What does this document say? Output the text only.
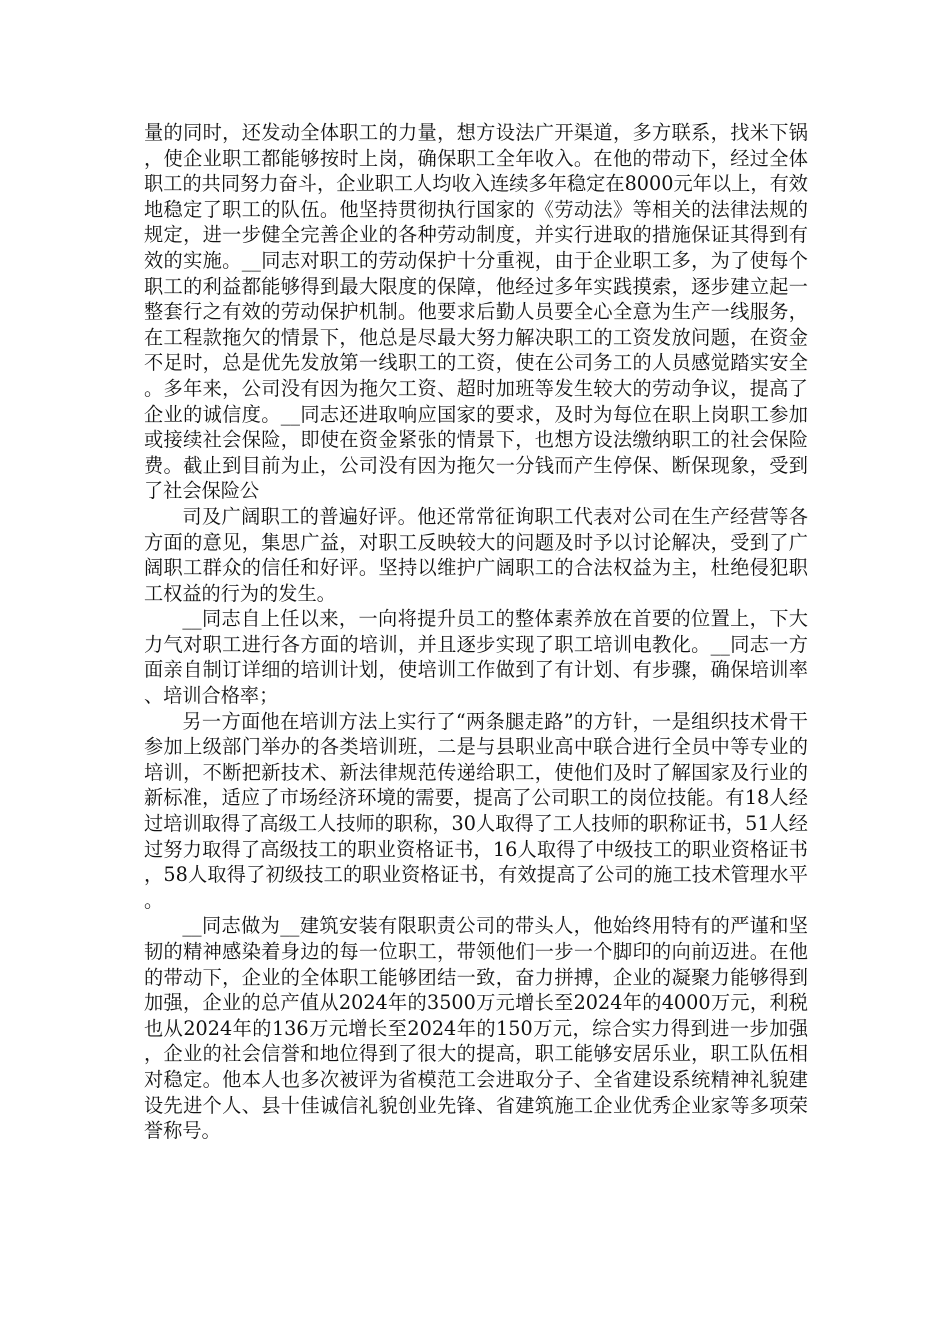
量的同时，还发动全体职工的力量，想方设法广开渠道，多方联系，找米下锅，使企业职工都能够按时上岗，确保职工全年收入。在他的带动下，经过全体职工的共同努力奋斗，企业职工人均收入连续多年稳定在8000元年以上，有效地稳定了职工的队伍。他坚持贯彻执行国家的《劳动法》等相关的法律法规的规定，进一步健全完善企业的各种劳动制度，并实行进取的措施保证其得到有效的实施。__同志对职工的劳动保护十分重视，由于企业职工多，为了使每个职工的利益都能够得到最大限度的保障，他经过多年实践摸索，逐步建立起一整套行之有效的劳动保护机制。他要求后勤人员要全心全意为生产一线服务，在工程款拖欠的情景下，他总是尽最大努力解决职工的工资发放问题，在资金不足时，总是优先发放第一线职工的工资，使在公司务工的人员感觉踏实安全。多年来，公司没有因为拖欠工资、超时加班等发生较大的劳动争议，提高了企业的诚信度。__同志还进取响应国家的要求，及时为每位在职上岗职工参加或接续社会保险，即使在资金紧张的情景下，也想方设法缴纳职工的社会保险费。截止到目前为止，公司没有因为拖欠一分钱而产生停保、断保现象，受到了社会保险公

司及广阔职工的普遍好评。他还常常征询职工代表对公司在生产经营等各方面的意见，集思广益，对职工反映较大的问题及时予以讨论解决，受到了广阔职工群众的信任和好评。坚持以维护广阔职工的合法权益为主，杜绝侵犯职工权益的行为的发生。

__同志自上任以来，一向将提升员工的整体素养放在首要的位置上，下大力气对职工进行各方面的培训，并且逐步实现了职工培训电教化。__同志一方面亲自制订详细的培训计划，使培训工作做到了有计划、有步骤，确保培训率、培训合格率；

另一方面他在培训方法上实行了“两条腿走路”的方针，一是组织技术骨干参加上级部门举办的各类培训班，二是与县职业高中联合进行全员中等专业的培训，不断把新技术、新法律规范传递给职工，使他们及时了解国家及行业的新标准，适应了市场经济环境的需要，提高了公司职工的岗位技能。有18人经过培训取得了高级工人技师的职称，30人取得了工人技师的职称证书，51人经过努力取得了高级技工的职业资格证书，16人取得了中级技工的职业资格证书，58人取得了初级技工的职业资格证书，有效提高了公司的施工技术管理水平。

__同志做为__建筑安装有限职责公司的带头人，他始终用特有的严谨和坚韧的精神感染着身边的每一位职工，带领他们一步一个脚印的向前迈进。在他的带动下，企业的全体职工能够团结一致，奋力拼搏，企业的凝聚力能够得到加强，企业的总产值从2024年的3500万元增长至2024年的4000万元，利税也从2024年的136万元增长至2024年的150万元，综合实力得到进一步加强，企业的社会信誉和地位得到了很大的提高，职工能够安居乐业，职工队伍相对稳定。他本人也多次被评为省模范工会进取分子、全省建设系统精神礼貌建设先进个人、县十佳诚信礼貌创业先锋、省建筑施工企业优秀企业家等多项荣誉称号。
